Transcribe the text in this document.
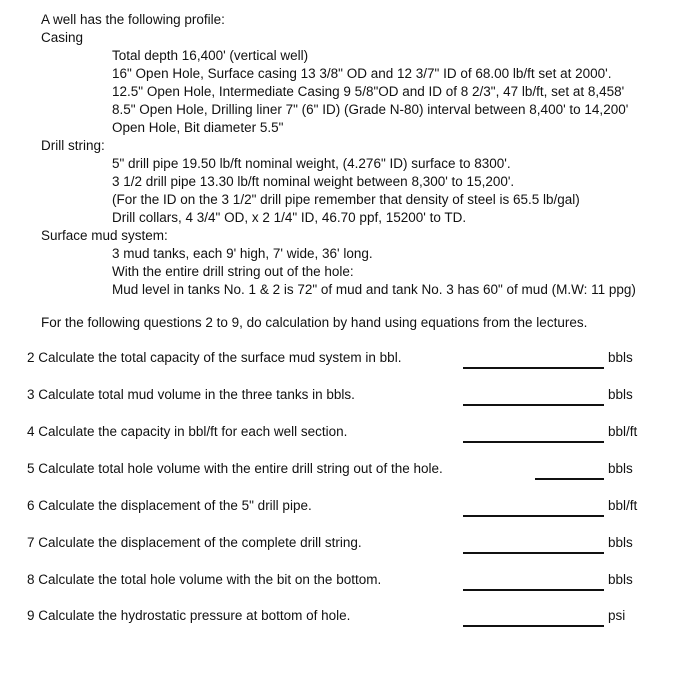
A well has the following profile:
Casing
Total depth 16,400' (vertical well)
16" Open Hole, Surface casing 13 3/8" OD and 12 3/7" ID of 68.00 lb/ft set at 2000'.
12.5" Open Hole, Intermediate Casing 9 5/8"OD and ID of 8 2/3", 47 lb/ft, set at 8,458'
8.5" Open Hole, Drilling liner 7" (6" ID) (Grade N-80) interval between 8,400' to 14,200'
Open Hole, Bit diameter 5.5"
Drill string:
5" drill pipe 19.50 lb/ft nominal weight, (4.276" ID) surface to 8300'.
3 1/2 drill pipe 13.30 lb/ft nominal weight between 8,300' to 15,200'.
(For the ID on the 3 1/2" drill pipe remember that density of steel is 65.5 lb/gal)
Drill collars, 4 3/4" OD, x 2 1/4" ID, 46.70 ppf, 15200' to TD.
Surface mud system:
3 mud tanks, each 9' high, 7' wide, 36' long.
With the entire drill string out of the hole:
Mud level in tanks No. 1 & 2 is 72" of mud and tank No. 3 has 60" of mud (M.W: 11 ppg)
For the following questions 2 to 9, do calculation by hand using equations from the lectures.
2 Calculate the total capacity of the surface mud system in bbl.	bbls
3 Calculate total mud volume in the three tanks in bbls.	bbls
4 Calculate the capacity in bbl/ft for each well section.	bbl/ft
5 Calculate total hole volume with the entire drill string out of the hole.	bbls
6 Calculate the displacement of the 5" drill pipe.	bbl/ft
7 Calculate the displacement of the complete drill string.	bbls
8 Calculate the total hole volume with the bit on the bottom.	bbls
9 Calculate the hydrostatic pressure at bottom of hole.	psi
